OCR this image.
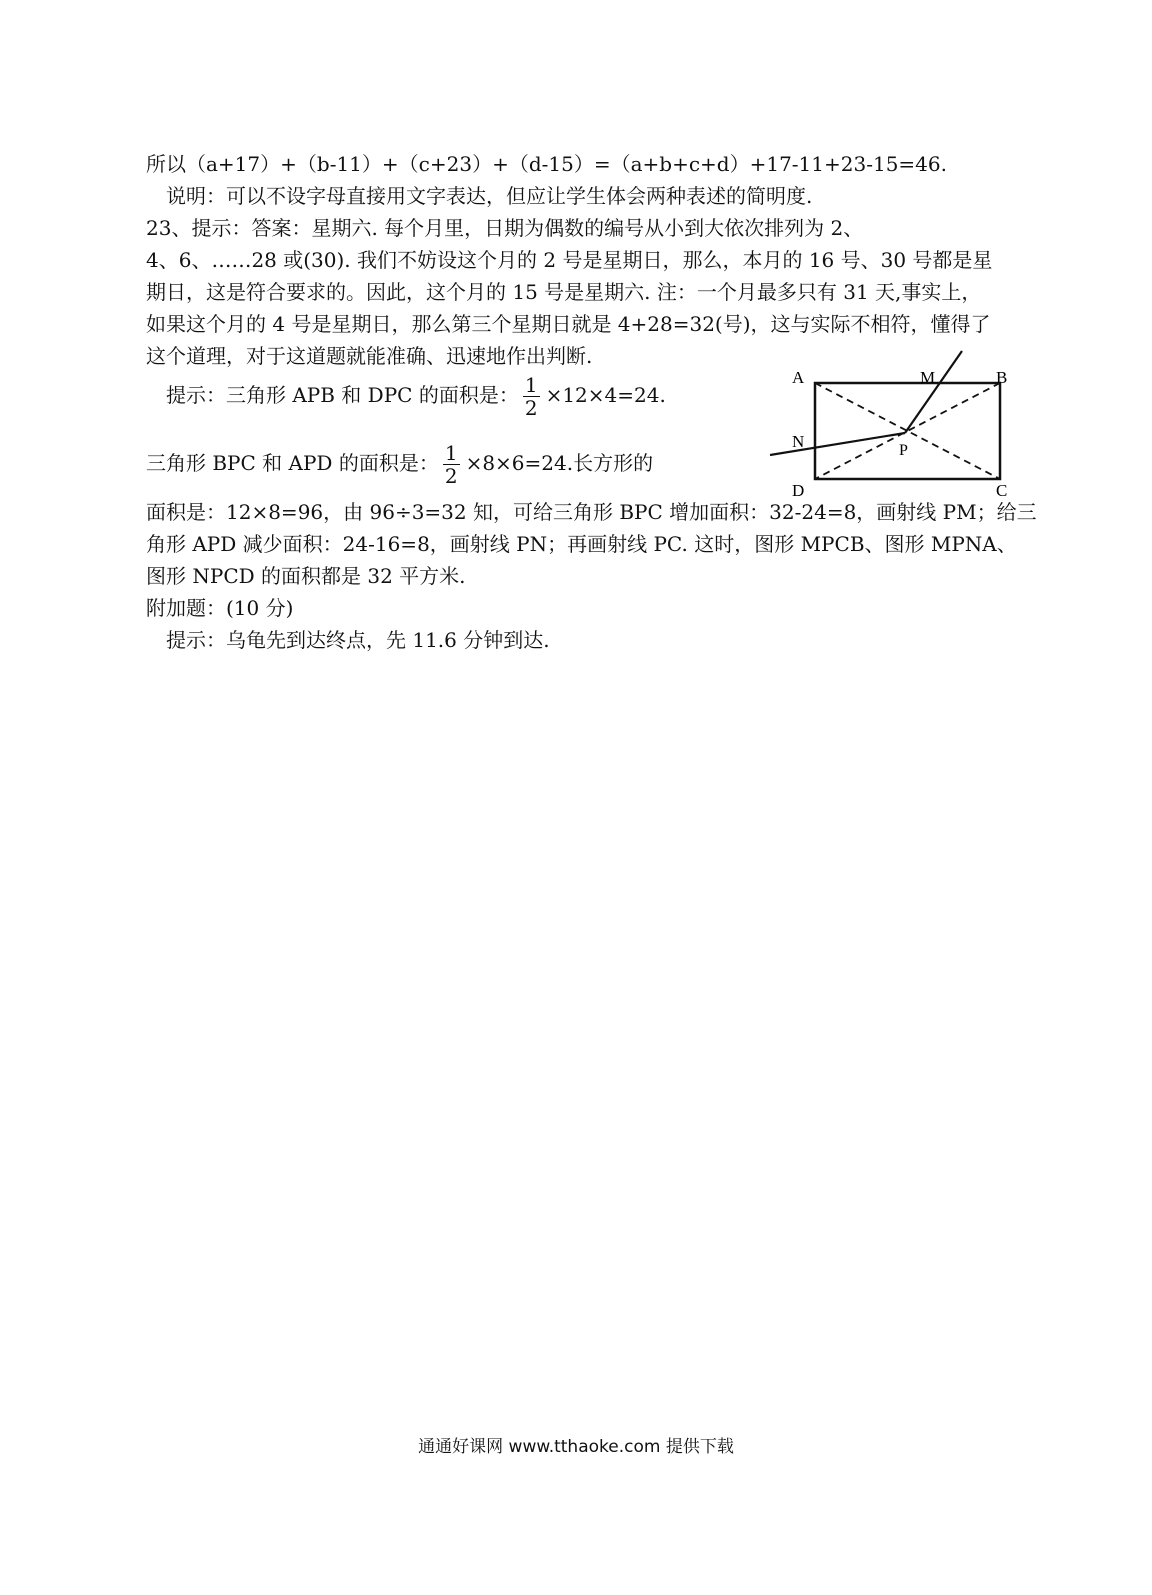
所以（a+17）+（b-11）+（c+23）+（d-15）=（a+b+c+d）+17-11+23-15=46.
说明：可以不设字母直接用文字表达，但应让学生体会两种表述的简明度.
23、提示：答案：星期六. 每个月里，日期为偶数的编号从小到大依次排列为 2、
4、6、……28 或(30). 我们不妨设这个月的 2 号是星期日，那么，本月的 16 号、30 号都是星
期日，这是符合要求的。因此，这个月的 15 号是星期六. 注：一个月最多只有 31 天,事实上，
如果这个月的 4 号是星期日，那么第三个星期日就是 4+28=32(号)，这与实际不相符，懂得了
这个道理，对于这道题就能准确、迅速地作出判断.
提示：三角形 APB 和 DPC 的面积是： $\frac{1}{2} \times 12\times 4=24$.
三角形 BPC 和 APD 的面积是： $\frac{1}{2} \times 8\times 6=24$.长方形的
面积是：12×8=96，由 96÷3=32 知，可给三角形 BPC 增加面积：32-24=8，画射线 PM；给三
角形 APD 减少面积：24-16=8，画射线 PN；再画射线 PC. 这时，图形 MPCB、图形 MPNA、
图形 NPCD 的面积都是 32 平方米.
附加题：(10 分)
提示：乌龟先到达终点，先 11.6 分钟到达.
A	B
C
D
M
N	P
通通好课网 www.tthaoke.com 提供下载
